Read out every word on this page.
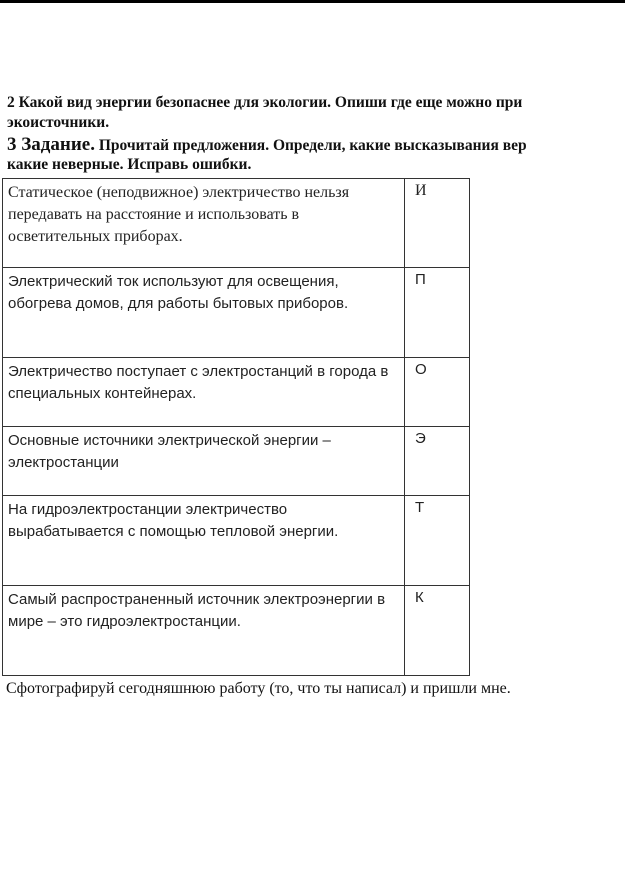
2 Какой вид энергии безопаснее для экологии. Опиши где еще можно при
экоисточники.
3 Задание. Прочитай предложения. Определи, какие высказывания вер
какие неверные. Исправь ошибки.
Статическое (неподвижное) электричество нельзя передавать на расстояние и использовать в осветительных приборах.	И
Электрический ток используют для освещения, обогрева домов, для работы бытовых приборов.	П
Электричество поступает с электростанций в города в специальных контейнерах.	О
Основные источники электрической энергии – электростанции	Э
На гидроэлектростанции электричество вырабатывается с помощью тепловой энергии.	Т
Самый распространенный источник электроэнергии в мире – это гидроэлектростанции.	К
Сфотографируй сегодняшнюю работу (то, что ты написал) и пришли мне.
